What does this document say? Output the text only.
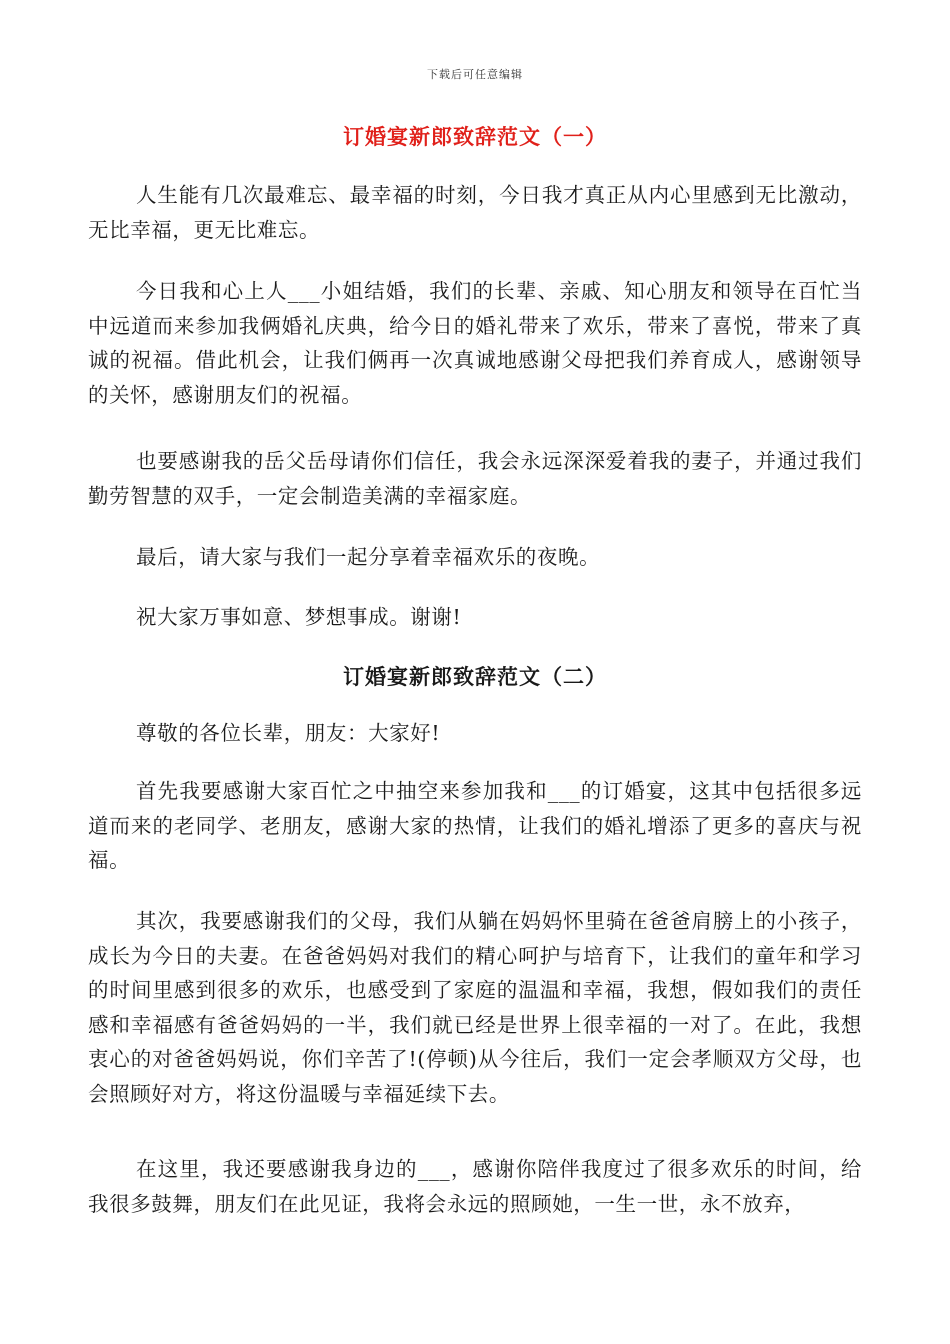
下载后可任意编辑
订婚宴新郎致辞范文（一）

人生能有几次最难忘、最幸福的时刻，今日我才真正从内心里感到无比激动，无比幸福，更无比难忘。

今日我和心上人___小姐结婚，我们的长辈、亲戚、知心朋友和领导在百忙当中远道而来参加我俩婚礼庆典，给今日的婚礼带来了欢乐，带来了喜悦，带来了真诚的祝福。借此机会，让我们俩再一次真诚地感谢父母把我们养育成人，感谢领导的关怀，感谢朋友们的祝福。

也要感谢我的岳父岳母请你们信任，我会永远深深爱着我的妻子，并通过我们勤劳智慧的双手，一定会制造美满的幸福家庭。

最后，请大家与我们一起分享着幸福欢乐的夜晚。

祝大家万事如意、梦想事成。谢谢!

订婚宴新郎致辞范文（二）

尊敬的各位长辈，朋友：大家好!

首先我要感谢大家百忙之中抽空来参加我和___的订婚宴，这其中包括很多远道而来的老同学、老朋友，感谢大家的热情，让我们的婚礼增添了更多的喜庆与祝福。

其次，我要感谢我们的父母，我们从躺在妈妈怀里骑在爸爸肩膀上的小孩子，成长为今日的夫妻。在爸爸妈妈对我们的精心呵护与培育下，让我们的童年和学习的时间里感到很多的欢乐，也感受到了家庭的温温和幸福，我想，假如我们的责任感和幸福感有爸爸妈妈的一半，我们就已经是世界上很幸福的一对了。在此，我想衷心的对爸爸妈妈说，你们辛苦了!(停顿)从今往后，我们一定会孝顺双方父母，也会照顾好对方，将这份温暖与幸福延续下去。

在这里，我还要感谢我身边的___，感谢你陪伴我度过了很多欢乐的时间，给我很多鼓舞，朋友们在此见证，我将会永远的照顾她，一生一世，永不放弃，
